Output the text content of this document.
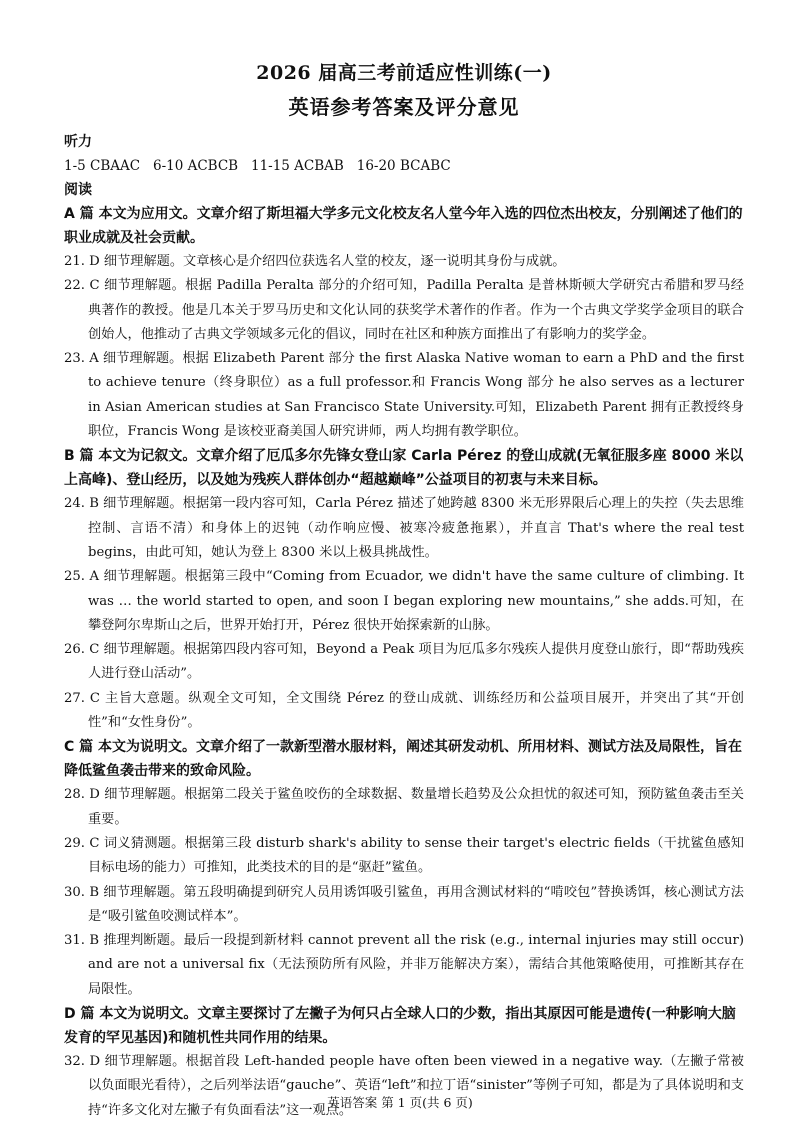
2026 届高三考前适应性训练(一)
英语参考答案及评分意见
听力
1-5 CBAAC   6-10 ACBCB   11-15 ACBAB   16-20 BCABC
阅读
A 篇 本文为应用文。文章介绍了斯坦福大学多元文化校友名人堂今年入选的四位杰出校友，分别阐述了他们的职业成就及社会贡献。
21. D 细节理解题。文章核心是介绍四位获选名人堂的校友，逐一说明其身份与成就。
22. C 细节理解题。根据 Padilla Peralta 部分的介绍可知，Padilla Peralta 是普林斯顿大学研究古希腊和罗马经典著作的教授。他是几本关于罗马历史和文化认同的获奖学术著作的作者。作为一个古典文学奖学金项目的联合创始人，他推动了古典文学领域多元化的倡议，同时在社区和种族方面推出了有影响力的奖学金。
23. A 细节理解题。根据 Elizabeth Parent 部分 the first Alaska Native woman to earn a PhD and the first to achieve tenure（终身职位）as a full professor.和 Francis Wong 部分 he also serves as a lecturer in Asian American studies at San Francisco State University.可知，Elizabeth Parent 拥有正教授终身职位，Francis Wong 是该校亚裔美国人研究讲师，两人均拥有教学职位。
B 篇 本文为记叙文。文章介绍了厄瓜多尔先锋女登山家 Carla Pérez 的登山成就(无氧征服多座 8000 米以上高峰)、登山经历，以及她为残疾人群体创办“超越巅峰”公益项目的初衷与未来目标。
24. B 细节理解题。根据第一段内容可知，Carla Pérez 描述了她跨越 8300 米无形界限后心理上的失控（失去思维控制、言语不清）和身体上的迟钝（动作响应慢、被寒冷疲惫拖累），并直言 That's where the real test begins，由此可知，她认为登上 8300 米以上极具挑战性。
25. A 细节理解题。根据第三段中“Coming from Ecuador, we didn't have the same culture of climbing. It was … the world started to open, and soon I began exploring new mountains,” she adds.可知，在攀登阿尔卑斯山之后，世界开始打开，Pérez 很快开始探索新的山脉。
26. C 细节理解题。根据第四段内容可知，Beyond a Peak 项目为厄瓜多尔残疾人提供月度登山旅行，即“帮助残疾人进行登山活动”。
27. C 主旨大意题。纵观全文可知，全文围绕 Pérez 的登山成就、训练经历和公益项目展开，并突出了其“开创性”和“女性身份”。
C 篇 本文为说明文。文章介绍了一款新型潜水服材料，阐述其研发动机、所用材料、测试方法及局限性，旨在降低鲨鱼袭击带来的致命风险。
28. D 细节理解题。根据第二段关于鲨鱼咬伤的全球数据、数量增长趋势及公众担忧的叙述可知，预防鲨鱼袭击至关重要。
29. C 词义猜测题。根据第三段 disturb shark's ability to sense their target's electric fields（干扰鲨鱼感知目标电场的能力）可推知，此类技术的目的是“驱赶”鲨鱼。
30. B 细节理解题。第五段明确提到研究人员用诱饵吸引鲨鱼，再用含测试材料的“啃咬包”替换诱饵，核心测试方法是“吸引鲨鱼咬测试样本”。
31. B 推理判断题。最后一段提到新材料 cannot prevent all the risk (e.g., internal injuries may still occur) and are not a universal fix（无法预防所有风险，并非万能解决方案），需结合其他策略使用，可推断其存在局限性。
D 篇 本文为说明文。文章主要探讨了左撇子为何只占全球人口的少数，指出其原因可能是遗传(一种影响大脑发育的罕见基因)和随机性共同作用的结果。
32. D 细节理解题。根据首段 Left-handed people have often been viewed in a negative way.（左撇子常被以负面眼光看待），之后列举法语“gauche”、英语“left”和拉丁语“sinister”等例子可知，都是为了具体说明和支持“许多文化对左撇子有负面看法”这一观点。
英语答案 第 1 页(共 6 页)
